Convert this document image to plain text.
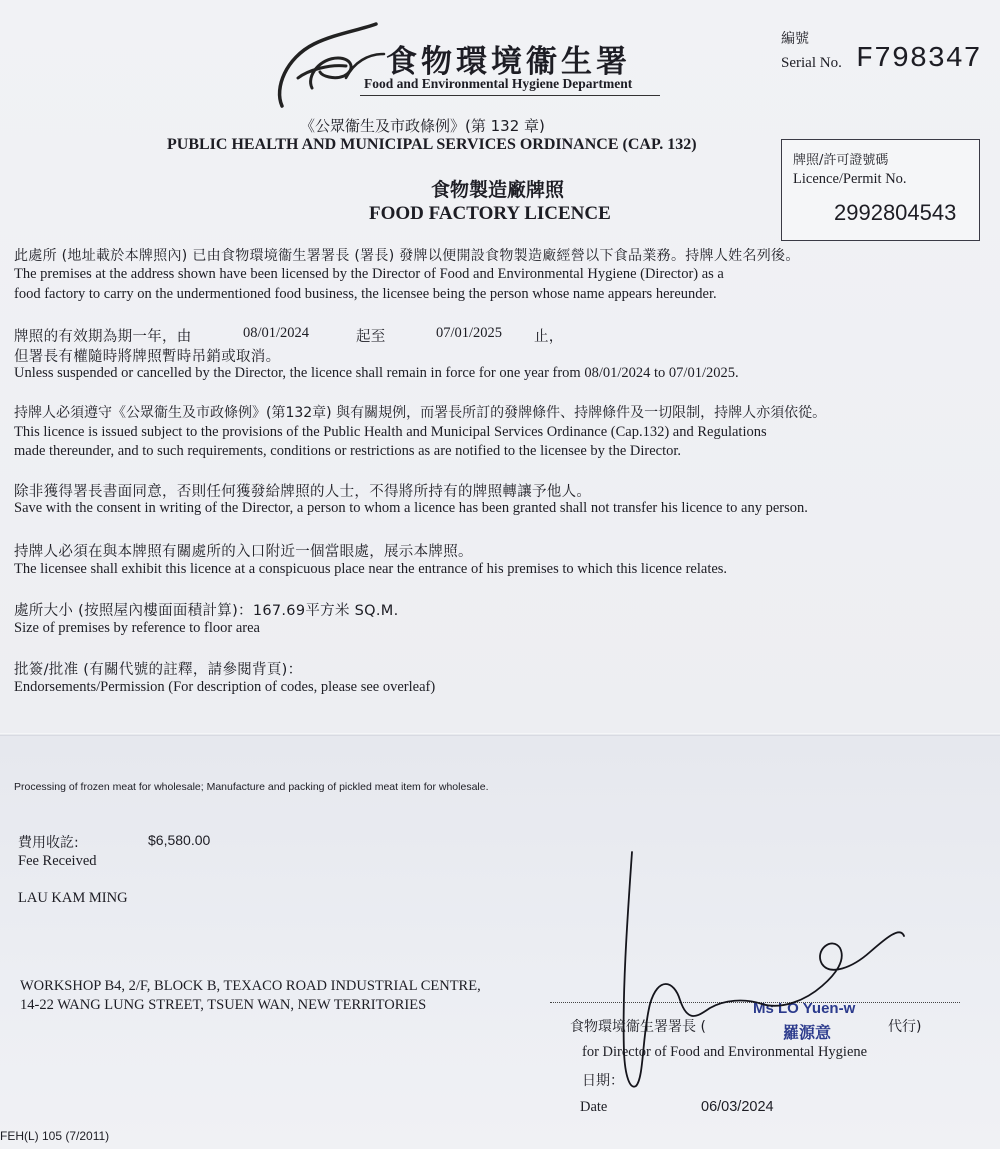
食物環境衞生署
Food and Environmental Hygiene Department
編號
Serial No. F798347
《公眾衞生及市政條例》(第 132 章)
PUBLIC HEALTH AND MUNICIPAL SERVICES ORDINANCE (CAP. 132)
食物製造廠牌照
FOOD FACTORY LICENCE
牌照/許可證號碼
Licence/Permit No.
2992804543
此處所 (地址載於本牌照內) 已由食物環境衞生署署長 (署長) 發牌以便開設食物製造廠經營以下食品業務。持牌人姓名列後。
The premises at the address shown have been licensed by the Director of Food and Environmental Hygiene (Director) as a
food factory to carry on the undermentioned food business, the licensee being the person whose name appears hereunder.
牌照的有效期為期一年，由	08/01/2024	起至	07/01/2025 止，
但署長有權隨時將牌照暫時吊銷或取消。
Unless suspended or cancelled by the Director, the licence shall remain in force for one year from 08/01/2024 to 07/01/2025.
持牌人必須遵守《公眾衞生及市政條例》(第132章) 與有關規例，而署長所訂的發牌條件、持牌條件及一切限制，持牌人亦須依從。
This licence is issued subject to the provisions of the Public Health and Municipal Services Ordinance (Cap.132) and Regulations
made thereunder, and to such requirements, conditions or restrictions as are notified to the licensee by the Director.
除非獲得署長書面同意，否則任何獲發給牌照的人士，不得將所持有的牌照轉讓予他人。
Save with the consent in writing of the Director, a person to whom a licence has been granted shall not transfer his licence to any person.
持牌人必須在與本牌照有關處所的入口附近一個當眼處，展示本牌照。
The licensee shall exhibit this licence at a conspicuous place near the entrance of his premises to which this licence relates.
處所大小 (按照屋內樓面面積計算)：167.69平方米 SQ.M.
Size of premises by reference to floor area
批簽/批准 (有關代號的註釋，請參閱背頁)：
Endorsements/Permission (For description of codes, please see overleaf)
Processing of frozen meat for wholesale; Manufacture and packing of pickled meat item for wholesale.
費用收訖:	$6,580.00
Fee Received
LAU KAM MING
WORKSHOP B4, 2/F, BLOCK B, TEXACO ROAD INDUSTRIAL CENTRE,
14-22 WANG LUNG STREET, TSUEN WAN, NEW TERRITORIES
食物環境衞生署署長 (
Ms LO Yuen-w
羅源意	代行)
for Director of Food and Environmental Hygiene
日期：
Date	06/03/2024
FEH(L) 105 (7/2011)
